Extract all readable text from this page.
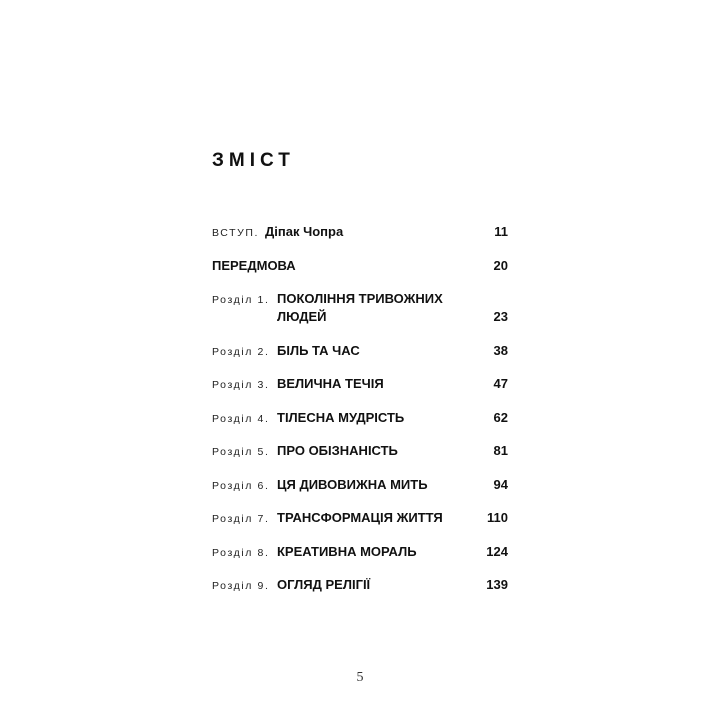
ЗМІСТ
ВСТУП. Діпак Чопра	11
ПЕРЕДМОВА	20
Розділ 1. ПОКОЛІННЯ ТРИВОЖНИХ ЛЮДЕЙ	23
Розділ 2. БІЛЬ ТА ЧАС	38
Розділ 3. ВЕЛИЧНА ТЕЧІЯ	47
Розділ 4. ТІЛЕСНА МУДРІСТЬ	62
Розділ 5. ПРО ОБІЗНАНІСТЬ	81
Розділ 6. ЦЯ ДИВОВИЖНА МИТЬ	94
Розділ 7. ТРАНСФОРМАЦІЯ ЖИТТЯ	110
Розділ 8. КРЕАТИВНА МОРАЛЬ	124
Розділ 9. ОГЛЯД РЕЛІГІЇ	139
5
